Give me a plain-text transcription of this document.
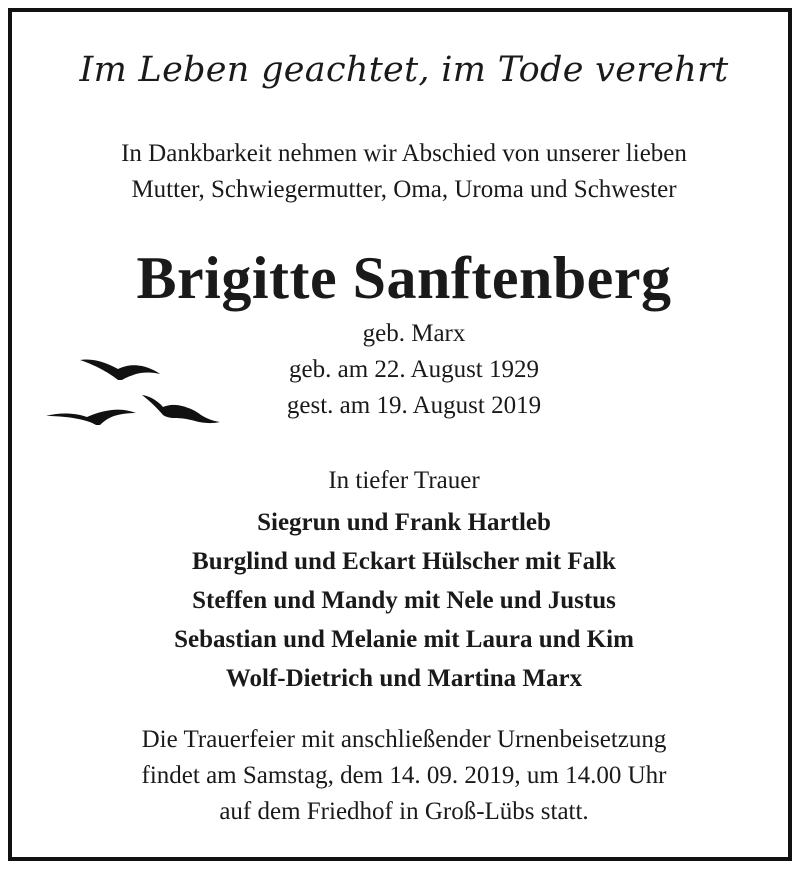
Im Leben geachtet, im Tode verehrt
In Dankbarkeit nehmen wir Abschied von unserer lieben
Mutter, Schwiegermutter, Oma, Uroma und Schwester
Brigitte Sanftenberg
geb. Marx
geb. am 22. August 1929
gest. am 19. August 2019
In tiefer Trauer
Siegrun und Frank Hartleb
Burglind und Eckart Hülscher mit Falk
Steffen und Mandy mit Nele und Justus
Sebastian und Melanie mit Laura und Kim
Wolf-Dietrich und Martina Marx
Die Trauerfeier mit anschließender Urnenbeisetzung
findet am Samstag, dem 14. 09. 2019, um 14.00 Uhr
auf dem Friedhof in Groß-Lübs statt.
